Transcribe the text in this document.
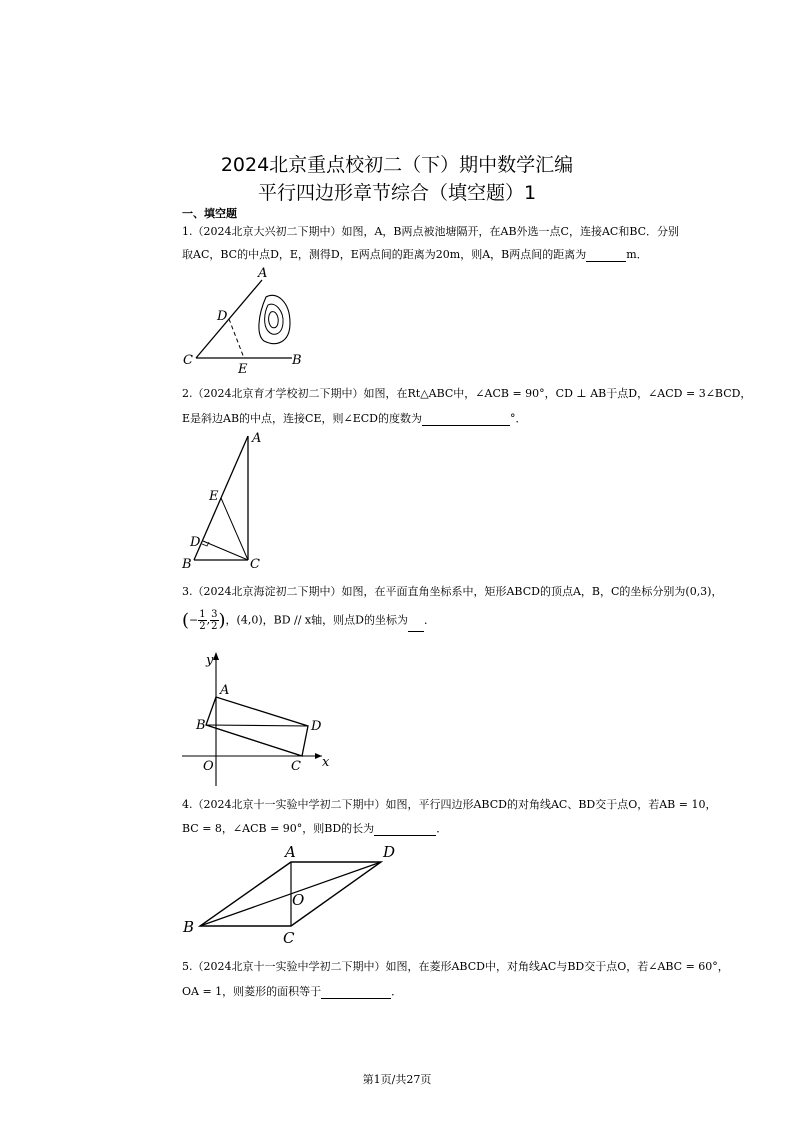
2024北京重点校初二（下）期中数学汇编
平行四边形章节综合（填空题）1
一、填空题
1.（2024北京大兴初二下期中）如图，A，B两点被池塘隔开，在AB外选一点C，连接AC和BC．分别
取AC，BC的中点D，E，测得D，E两点间的距离为20m，则A，B两点间的距离为	m．
A
B
C
D
E
2.（2024北京育才学校初二下期中）如图，在Rt△ABC中，∠ACB = 90°，CD ⊥ AB于点D，∠ACD = 3∠BCD，
E是斜边AB的中点，连接CE，则∠ECD的度数为	°．
A
B	C
D
E
3.（2024北京海淀初二下期中）如图，在平面直角坐标系中，矩形ABCD的顶点A，B，C的坐标分别为(0,3)，
(− $\frac{1}{2}$ , $\frac{3}{2}$ )，(4,0)，BD // x轴，则点D的坐标为 ．
y
x
O
A
B
C
D
4.（2024北京十一实验中学初二下期中）如图，平行四边形ABCD的对角线AC、BD交于点O，若AB = 10，
BC = 8，∠ACB = 90°，则BD的长为	．
A
B
C
D
O
5.（2024北京十一实验中学初二下期中）如图，在菱形ABCD中，对角线AC与BD交于点O，若∠ABC = 60°，
OA = 1，则菱形的面积等于	．
第1页/共27页
